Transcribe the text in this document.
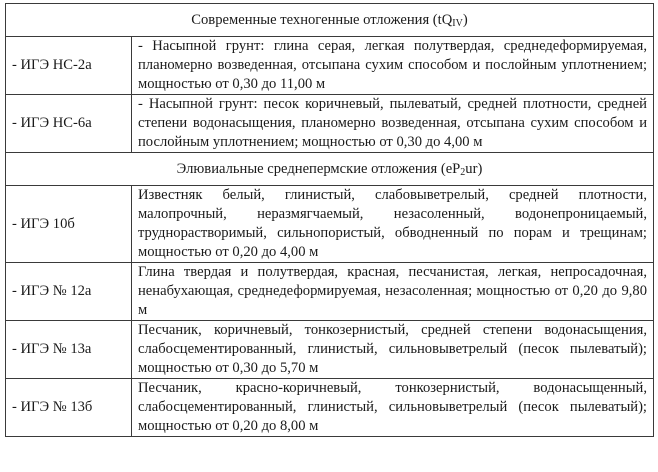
Современные техногенные отложения $(tQ_{IV})$	
- ИГЭ НС-2а	- Насыпной грунт: глина серая, легкая полутвердая, среднедеформируемая, планомерно возведенная, отсыпана сухим способом и послойным уплотнением; мощностью от 0,30 до 11,00 м
- ИГЭ НС-6а	- Насыпной грунт: песок коричневый, пылеватый, средней плотности, средней степени водонасыщения, планомерно возведенная, отсыпана сухим способом и послойным уплотнением; мощностью от 0,30 до 4,00 м
Элювиальные среднепермские отложения $(eP_2ur)$	
- ИГЭ 10б	Известняк белый, глинистый, слабовыветрелый, средней плотности, малопрочный, неразмягчаемый, незасоленный, водонепроницаемый, труднорастворимый, сильнопористый, обводненный по порам и трещинам; мощностью от 0,20 до 4,00 м
- ИГЭ № 12а	Глина твердая и полутвердая, красная, песчанистая, легкая, непросадочная, ненабухающая, среднедеформируемая, незасоленная; мощностью от 0,20 до 9,80 м
- ИГЭ № 13а	Песчаник, коричневый, тонкозернистый, средней степени водонасыщения, слабосцементированный, глинистый, сильновыветрелый (песок пылеватый); мощностью от 0,30 до 5,70 м
- ИГЭ № 13б	Песчаник, красно-коричневый, тонкозернистый, водонасыщенный, слабосцементированный, глинистый, сильновыветрелый (песок пылеватый); мощностью от 0,20 до 8,00 м
